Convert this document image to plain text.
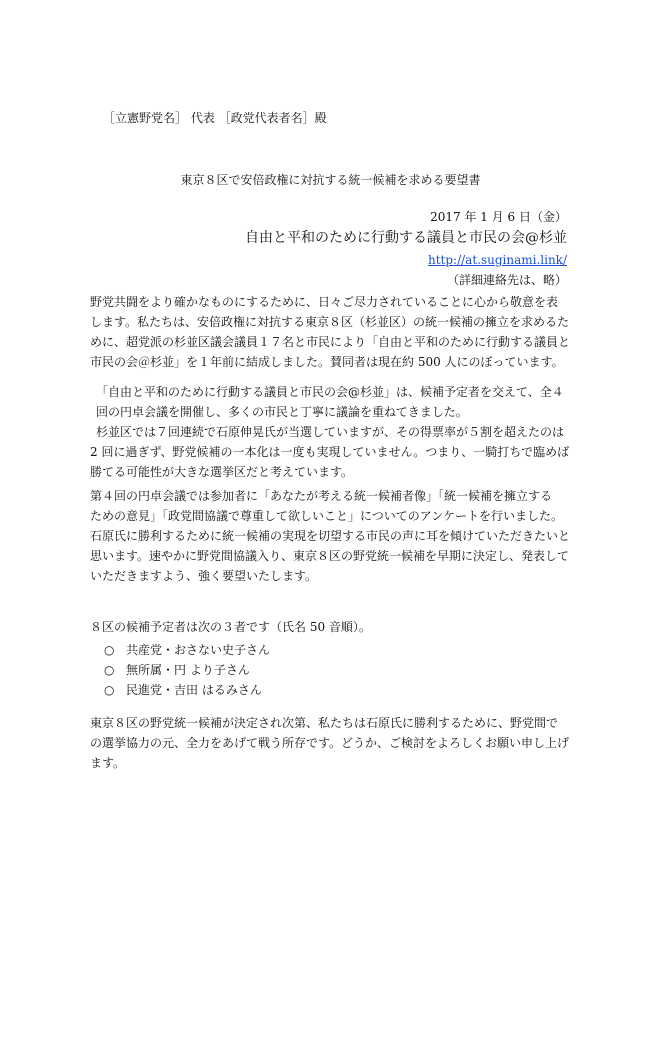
［立憲野党名］ 代表 ［政党代表者名］殿
東京８区で安倍政権に対抗する統一候補を求める要望書
2017 年 1 月 6 日（金）
自由と平和のために行動する議員と市民の会@杉並
http://at.suginami.link/
（詳細連絡先は、略）
野党共闘をより確かなものにするために、日々ご尽力されていることに心から敬意を表
します。私たちは、安倍政権に対抗する東京８区（杉並区）の統一候補の擁立を求めるた
めに、超党派の杉並区議会議員１７名と市民により「自由と平和のために行動する議員と
市民の会＠杉並」を１年前に結成しました。賛同者は現在約 500 人にのぼっています。
「自由と平和のために行動する議員と市民の会@杉並」は、候補予定者を交えて、全４
回の円卓会議を開催し、多くの市民と丁寧に議論を重ねてきました。
杉並区では７回連続で石原伸晃氏が当選していますが、その得票率が５割を超えたのは
2 回に過ぎず、野党候補の一本化は一度も実現していません。つまり、一騎打ちで臨めば
勝てる可能性が大きな選挙区だと考えています。
第４回の円卓会議では参加者に「あなたが考える統一候補者像」「統一候補を擁立する
ための意見」「政党間協議で尊重して欲しいこと」についてのアンケートを行いました。
石原氏に勝利するために統一候補の実現を切望する市民の声に耳を傾けていただきたいと
思います。速やかに野党間協議入り、東京８区の野党統一候補を早期に決定し、発表して
いただきますよう、強く要望いたします。
８区の候補予定者は次の３者です（氏名 50 音順）。
○ 共産党・おさない史子さん
○ 無所属・円 より子さん
○ 民進党・吉田 はるみさん
東京８区の野党統一候補が決定され次第、私たちは石原氏に勝利するために、野党間で
の選挙協力の元、全力をあげて戦う所存です。どうか、ご検討をよろしくお願い申し上げ
ます。
